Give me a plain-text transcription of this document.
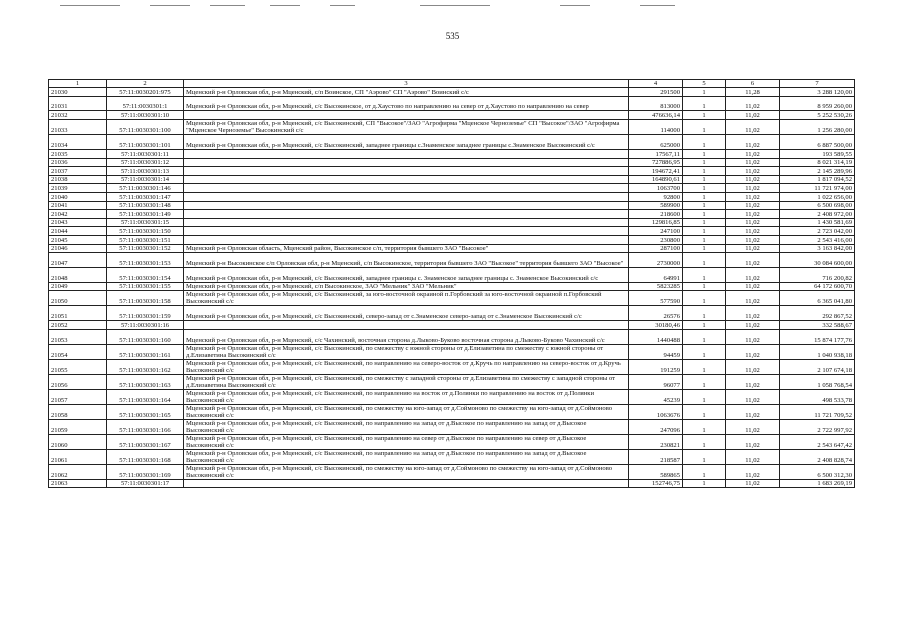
535
1	2	3	4	5	6	7
21030	57:11:0030201:975	Мценский р-н Орловская обл, р-н Мценский, с/п Воинское, СП "Аэрово" СП "Аэрово" Воинский с/с	291500	1	11,28	3 288 120,00
21031	57:11:0030301:1	Мценский р-н Орловская обл, р-н Мценский, с/с Высокинское, от д.Хаустово по направлению на север от д.Хаустово по направлению на север	813000	1	11,02	8 959 260,00
21032	57:11:0030301:10		476636,14	1	11,02	5 252 530,26
21033	57:11:0030301:100	Мценский р-н Орловская обл, р-н Мценский, с/с Высокинский, СП "Высокое"/ЗАО "Агрофирма "Мценское Черноземье" СП "Высокое"/ЗАО "Агрофирма "Мценское Черноземье" Высокинский с/с	114000	1	11,02	1 256 280,00
21034	57:11:0030301:101	Мценский р-н Орловская обл, р-н Мценский, с/с Высокинский, западнее границы с.Знаменское западнее границы с.Знаменское Высокинский с/с	625000	1	11,02	6 887 500,00
21035	57:11:0030301:11		17567,11	1	11,02	193 589,55
21036	57:11:0030301:12		727886,95	1	11,02	8 021 314,19
21037	57:11:0030301:13		194672,41	1	11,02	2 145 289,96
21038	57:11:0030301:14		164890,61	1	11,02	1 817 094,52
21039	57:11:0030301:146		1063700	1	11,02	11 721 974,00
21040	57:11:0030301:147		92800	1	11,02	1 022 656,00
21041	57:11:0030301:148		589900	1	11,02	6 500 698,00
21042	57:11:0030301:149		218600	1	11,02	2 408 972,00
21043	57:11:0030301:15		129816,85	1	11,02	1 430 581,69
21044	57:11:0030301:150		247100	1	11,02	2 723 042,00
21045	57:11:0030301:151		230800	1	11,02	2 543 416,00
21046	57:11:0030301:152	Мценский р-н Орловская область, Мценский район, Высокинское с/п, территория бывшего ЗАО "Высокое"	287100	1	11,02	3 163 842,00
21047	57:11:0030301:153	Мценский р-н Высокинское с/п Орловская обл, р-н Мценский, с/п Высокинское, территория бывшего ЗАО "Высокое" территория бывшего ЗАО "Высокое"	2730000	1	11,02	30 084 600,00
21048	57:11:0030301:154	Мценский р-н Орловская обл, р-н Мценский, с/с Высокинский, западнее границы с. Знаменское западнее границы с. Знаменское Высокинский с/с	64991	1	11,02	716 200,82
21049	57:11:0030301:155	Мценский р-н Орловская обл, р-н Мценский, с/п Высокинское, ЗАО "Мельник" ЗАО "Мельник"	5823285	1	11,02	64 172 600,70
21050	57:11:0030301:158	Мценский р-н Орловская обл, р-н Мценский, с/с Высокинский, за юго-восточной окраиной п.Горбовский за юго-восточной окраиной п.Горбовский Высокинский с/с	577590	1	11,02	6 365 041,80
21051	57:11:0030301:159	Мценский р-н Орловская обл, р-н Мценский, с/с Высокинский, северо-запад от с.Знаменское северо-запад от с.Знаменское Высокинский с/с	26576	1	11,02	292 867,52
21052	57:11:0030301:16		30180,46	1	11,02	332 588,67
21053	57:11:0030301:160	Мценский р-н Орловская обл, р-н Мценский, с/с Чахинский, восточная сторона д.Лыково-Буково восточная сторона д.Лыково-Буково Чахинский с/с	1440488	1	11,02	15 874 177,76
21054	57:11:0030301:161	Мценский р-н Орловская обл, р-н Мценский, с/с Высокинский, по смежеству с южной стороны от д.Елизаветина по смежеству с южной стороны от д.Елизаветина Высокинский с/с	94459	1	11,02	1 040 938,18
21055	57:11:0030301:162	Мценский р-н Орловская обл, р-н Мценский, с/с Высокинский, по направлению на северо-восток от д.Кручь по направлению на северо-восток от д.Кручь Высокинский с/с	191259	1	11,02	2 107 674,18
21056	57:11:0030301:163	Мценский р-н Орловская обл, р-н Мценский, с/с Высокинский, по смежеству с западной стороны от д.Елизаветина по смежеству с западной стороны от д.Елизаветина Высокинский с/с	96077	1	11,02	1 058 768,54
21057	57:11:0030301:164	Мценский р-н Орловская обл, р-н Мценский, с/с Высокинский, по направлению на восток от д.Полянки по направлению на восток от д.Полянки Высокинский с/с	45239	1	11,02	498 533,78
21058	57:11:0030301:165	Мценский р-н Орловская обл, р-н Мценский, с/с Высокинский, по смежеству на юго-запад от д.Соймоново по смежеству на юго-запад от д.Соймоново Высокинский с/с	1063676	1	11,02	11 721 709,52
21059	57:11:0030301:166	Мценский р-н Орловская обл, р-н Мценский, с/с Высокинский, по направлению на запад от д.Высокое по направлению на запад от д.Высокое Высокинский с/с	247096	1	11,02	2 722 997,92
21060	57:11:0030301:167	Мценский р-н Орловская обл, р-н Мценский, с/с Высокинский, по направлению на север от д.Высокое по направлению на север от д.Высокое Высокинский с/с	230821	1	11,02	2 543 647,42
21061	57:11:0030301:168	Мценский р-н Орловская обл, р-н Мценский, с/с Высокинский, по направлению на запад от д.Высокое по направлению на запад от д.Высокое Высокинский с/с	218587	1	11,02	2 408 828,74
21062	57:11:0030301:169	Мценский р-н Орловская обл, р-н Мценский, с/с Высокинский, по смежеству на юго-запад от д.Соймоново по смежеству на юго-запад от д.Соймоново Высокинский с/с	589865	1	11,02	6 500 312,30
21063	57:11:0030301:17		152746,75	1	11,02	1 683 269,19
